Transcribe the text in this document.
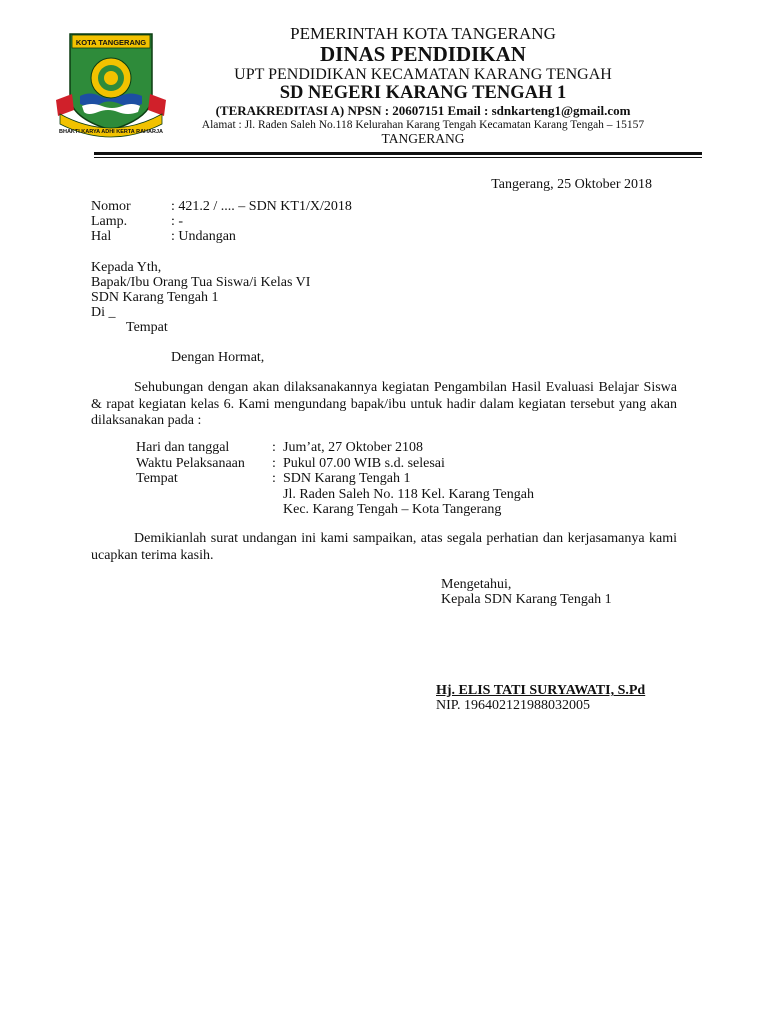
KOTA TANGERANG
BHAKTI KARYA ADHI KERTA RAHARJA
PEMERINTAH KOTA TANGERANG
DINAS PENDIDIKAN
UPT PENDIDIKAN KECAMATAN KARANG TENGAH
SD NEGERI KARANG TENGAH 1
(TERAKREDITASI A) NPSN : 20607151 Email : sdnkarteng1@gmail.com
Alamat : Jl. Raden Saleh No.118 Kelurahan Karang Tengah Kecamatan Karang Tengah – 15157
TANGERANG
Tangerang, 25 Oktober 2018
Nomor	: 421.2 / .... – SDN KT1/X/2018
Lamp.	: -
Hal	: Undangan
Kepada Yth,
Bapak/Ibu Orang Tua Siswa/i Kelas VI
SDN Karang Tengah 1
Di _
Tempat
Dengan Hormat,
Sehubungan dengan akan dilaksanakannya kegiatan Pengambilan Hasil Evaluasi Belajar Siswa & rapat kegiatan kelas 6. Kami mengundang bapak/ibu untuk hadir dalam kegiatan tersebut yang akan dilaksanakan pada :
Hari dan tanggal	: Jum’at, 27 Oktober 2108
Waktu Pelaksanaan : Pukul 07.00 WIB s.d. selesai
Tempat	: SDN Karang Tengah 1
Jl. Raden Saleh No. 118 Kel. Karang Tengah
Kec. Karang Tengah – Kota Tangerang
Demikianlah surat undangan ini kami sampaikan, atas segala perhatian dan kerjasamanya kami ucapkan terima kasih.
Mengetahui,
Kepala SDN Karang Tengah 1
Hj. ELIS TATI SURYAWATI, S.Pd
NIP. 196402121988032005
